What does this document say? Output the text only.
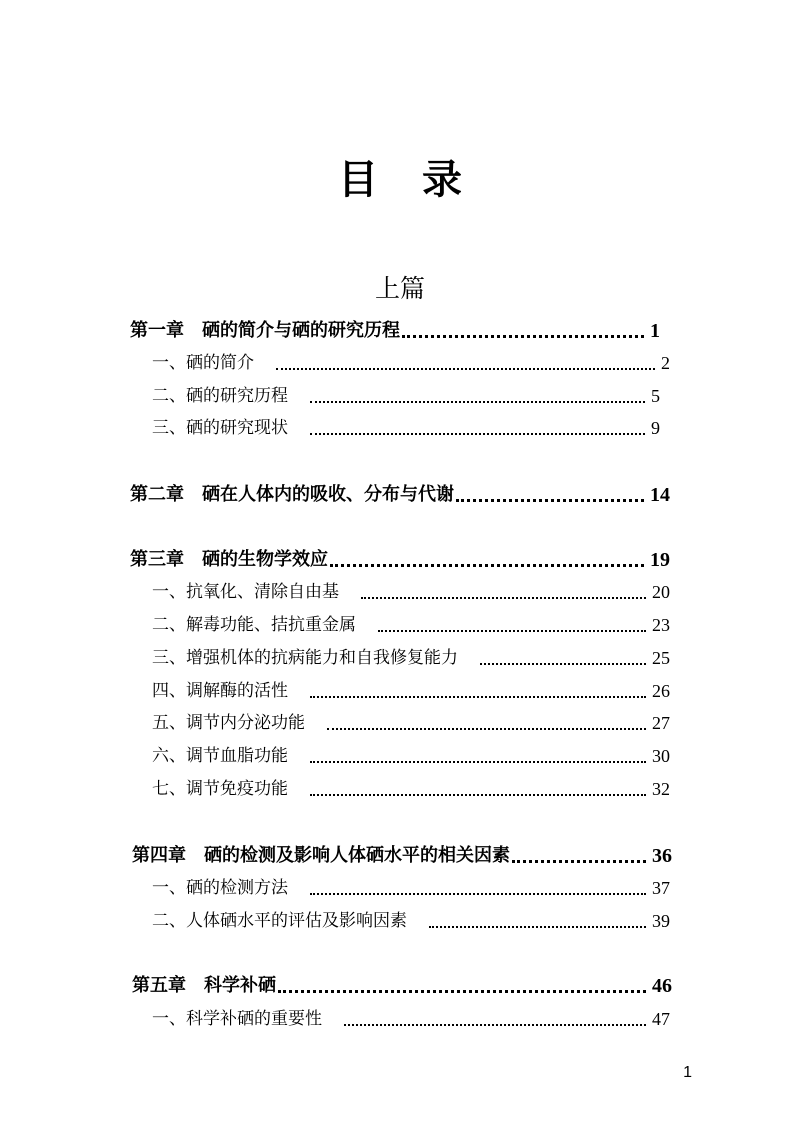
目录
上篇
第一章　硒的简介与硒的研究历程	1
一、硒的简介	2
二、硒的研究历程	5
三、硒的研究现状	9
第二章　硒在人体内的吸收、分布与代谢	14
第三章　硒的生物学效应	19
一、抗氧化、清除自由基	20
二、解毒功能、拮抗重金属	23
三、增强机体的抗病能力和自我修复能力	25
四、调解酶的活性	26
五、调节内分泌功能	27
六、调节血脂功能	30
七、调节免疫功能	32
第四章　硒的检测及影响人体硒水平的相关因素	36
一、硒的检测方法	37
二、人体硒水平的评估及影响因素	39
第五章　科学补硒	46
一、科学补硒的重要性	47
1
